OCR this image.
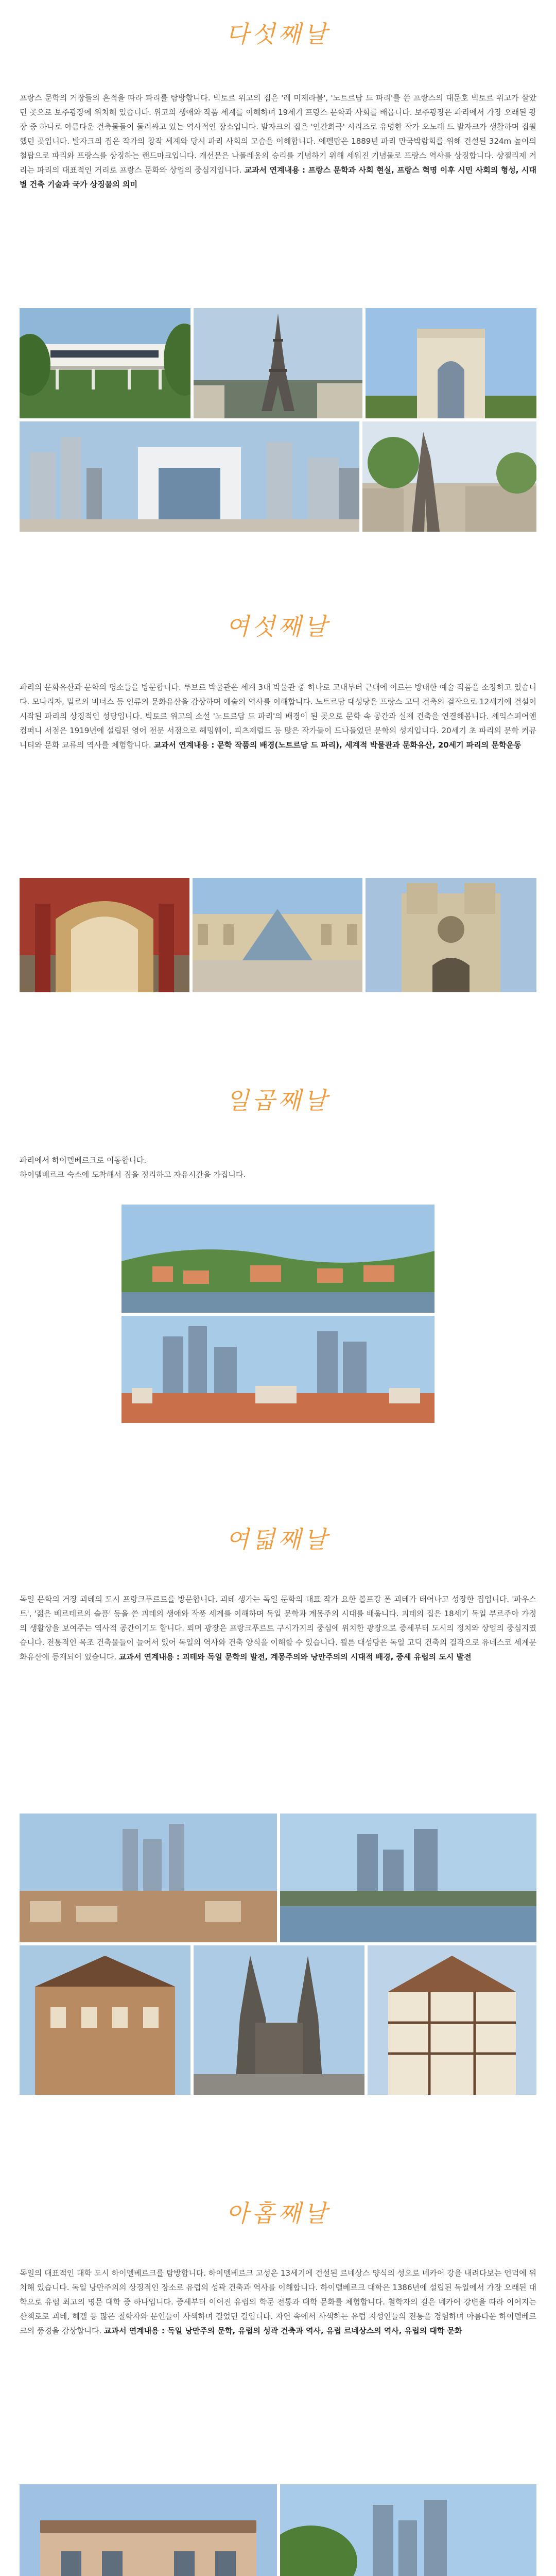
다섯째날
프랑스 문학의 거장들의 흔적을 따라 파리를 탐방합니다. 빅토르 위고의 집은 '레 미제라블', '노트르담 드 파리'를 쓴 프랑스의 대문호 빅토르 위고가 살았던 곳으로 보주광장에 위치해 있습니다. 위고의 생애와 작품 세계를 이해하며 19세기 프랑스 문학과 사회를 배웁니다. 보주광장은 파리에서 가장 오래된 광장 중 하나로 아름다운 건축물들이 둘러싸고 있는 역사적인 장소입니다. 발자크의 집은 '인간희극' 시리즈로 유명한 작가 오노레 드 발자크가 생활하며 집필했던 곳입니다. 발자크의 집은 작가의 창작 세계와 당시 파리 사회의 모습을 이해합니다. 에펠탑은 1889년 파리 만국박람회를 위해 건설된 324m 높이의 철탑으로 파리와 프랑스를 상징하는 랜드마크입니다. 개선문은 나폴레옹의 승리를 기념하기 위해 세워진 기념물로 프랑스 역사를 상징합니다. 샹젤리제 거리는 파리의 대표적인 거리로 프랑스 문화와 상업의 중심지입니다. 교과서 연계내용 : 프랑스 문학과 사회 현실, 프랑스 혁명 이후 시민 사회의 형성, 시대별 건축 기술과 국가 상징물의 의미
여섯째날
파리의 문화유산과 문학의 명소들을 방문합니다. 루브르 박물관은 세계 3대 박물관 중 하나로 고대부터 근대에 이르는 방대한 예술 작품을 소장하고 있습니다. 모나리자, 밀로의 비너스 등 인류의 문화유산을 감상하며 예술의 역사를 이해합니다. 노트르담 대성당은 프랑스 고딕 건축의 걸작으로 12세기에 건설이 시작된 파리의 상징적인 성당입니다. 빅토르 위고의 소설 '노트르담 드 파리'의 배경이 된 곳으로 문학 속 공간과 실제 건축을 연결해봅니다. 셰익스피어앤컴퍼니 서점은 1919년에 설립된 영어 전문 서점으로 헤밍웨이, 피츠제럴드 등 많은 작가들이 드나들었던 문학의 성지입니다. 20세기 초 파리의 문학 커뮤니티와 문화 교류의 역사를 체험합니다. 교과서 연계내용 : 문학 작품의 배경(노트르담 드 파리), 세계적 박물관과 문화유산, 20세기 파리의 문학운동
일곱째날
파리에서 하이델베르크로 이동합니다.
하이델베르크 숙소에 도착해서 짐을 정리하고 자유시간을 가집니다.
여덟째날
독일 문학의 거장 괴테의 도시 프랑크푸르트를 방문합니다. 괴테 생가는 독일 문학의 대표 작가 요한 볼프강 폰 괴테가 태어나고 성장한 집입니다. '파우스트', '젊은 베르테르의 슬픔' 등을 쓴 괴테의 생애와 작품 세계를 이해하며 독일 문학과 계몽주의 시대를 배웁니다. 괴테의 집은 18세기 독일 부르주아 가정의 생활상을 보여주는 역사적 공간이기도 합니다. 뢰머 광장은 프랑크푸르트 구시가지의 중심에 위치한 광장으로 중세부터 도시의 정치와 상업의 중심지였습니다. 전통적인 목조 건축물들이 늘어서 있어 독일의 역사와 건축 양식을 이해할 수 있습니다. 쾰른 대성당은 독일 고딕 건축의 걸작으로 유네스코 세계문화유산에 등재되어 있습니다. 교과서 연계내용 : 괴테와 독일 문학의 발전, 계몽주의와 낭만주의의 시대적 배경, 중세 유럽의 도시 발전
아홉째날
독일의 대표적인 대학 도시 하이델베르크를 탐방합니다. 하이델베르크 고성은 13세기에 건설된 르네상스 양식의 성으로 네카어 강을 내려다보는 언덕에 위치해 있습니다. 독일 낭만주의의 상징적인 장소로 유럽의 성곽 건축과 역사를 이해합니다. 하이델베르크 대학은 1386년에 설립된 독일에서 가장 오래된 대학으로 유럽 최고의 명문 대학 중 하나입니다. 중세부터 이어진 유럽의 학문 전통과 대학 문화를 체험합니다. 철학자의 길은 네카어 강변을 따라 이어지는 산책로로 괴테, 헤겔 등 많은 철학자와 문인들이 사색하며 걸었던 길입니다. 자연 속에서 사색하는 유럽 지성인들의 전통을 경험하며 아름다운 하이델베르크의 풍경을 감상합니다. 교과서 연계내용 : 독일 낭만주의 문학, 유럽의 성곽 건축과 역사, 유럽 르네상스의 역사, 유럽의 대학 문화
